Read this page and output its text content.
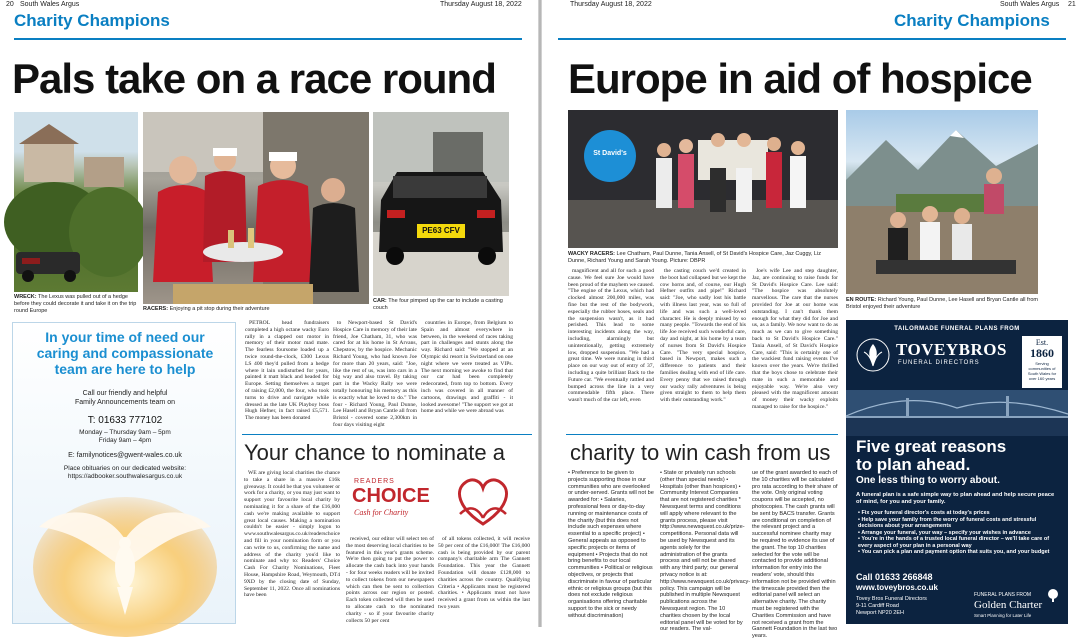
20 South Wales Argus	Thursday August 18, 2022
Charity Champions
Pals take on a race round
WRECK: The Lexus was pulled out of a hedge before they could decorate it and take it on the trip round Europe	RACERS: Enjoying a pit stop during their adventure
PE63 CFV
CAR: The four pimped up the car to include a casting couch

PETROL head fundraisers completed a high octane wacky Euro rally in a clapped out motor in memory of their motor mad mate. The fearless foursome loaded up a twice round-the-clock, £300 Lexus LS 400 they'd pulled from a hedge where it lain undisturbed for years, painted it matt black and headed for Europe. Setting themselves a target of raising £2,000, the four, who took turns to drive and navigate while dressed as the late UK Playboy boss Hugh Hefner, in fact raised £5,571. The money has been donated

to Newport-based St David's Hospice Care in memory of their late friend, Joe Chatham, 31, who was cared for at his home in St Arvans, Chepstow, by the hospice. Mechanic Richard Young, who had known Joe for more than 20 years, said: "Joe, like the rest of us, was into cars in a big way and also travel. By taking part in the Wacky Rally we were totally honouring his memory as this is exactly what he loved to do." The four - Richard Young, Paul Dunne, Lee Hasell and Bryan Cantle all from Bristol - covered some 2,300km in four days visiting eight

countries in Europe, from Belgium to Spain and almost everywhere in between, in the weekend of races taking part in challenges and stunts along the way. Richard said: "We stopped at an Olympic ski resort in Switzerland on one night where we were treated as VIPs. The next morning we awoke to find that our car had been completely redecorated, from top to bottom. Every inch was covered in all manner of cartoons, drawings and graffiti - it looked awesome! "The support we got at home and while we were abroad was

In your time of need our caring and compassionate team are here to help
Call our friendly and helpful
Family Announcements team on
T: 01633 777102
Monday – Thursday 9am – 5pm
Friday 9am – 4pm
E: familynotices@gwent-wales.co.uk
Place obituaries on our dedicated website:
https://adbooker.southwalesargus.co.uk
Your chance to nominate a

WE are giving local charities the chance to take a share in a massive £16k giveaway. It could be that you volunteer or work for a charity, or you may just want to support your favourite local charity by nominating it for a share of the £16,000 cash we're making available to support great local causes. Making a nomination couldn't be easier - simply logon to www.southwalesargus.co.uk/readerschoice and fill in your nomination form or you can write to us, confirming the name and address of the charity you'd like to nominate and why to: Readers' Choice Cash For Charity Nominations, Fleet House, Hampshire Road, Weymouth, DT4 9XD by the closing date of Sunday, September 11, 2022. Once all nominations have been

READERS
CHOICE
Cash for Charity

received, our editor will select ten of the most deserving local charities to be featured in this year's grants scheme. We're then going to put the power to allocate the cash back into your hands - for four weeks readers will be invited to collect tokens from our newspapers which can then be sent to collection points across our region or posted. Each token collected will then be used to allocate cash to the nominated charity - so if your favourite charity collects 50 per cent

of all tokens collected, it will receive 50 per cent of the £16,000! The £16,000 cash is being provided by our parent company's charitable arm The Gannett Foundation. This year the Gannett Foundation will donate £128,000 to charities across the country. Qualifying Criteria • Applicants must be registered charities. • Applicants must not have received a grant from us within the last two years

Thursday August 18, 2022	South Wales Argus 21
Charity Champions
Europe in aid of hospice
St David's
WACKY RACERS: Lee Chatham, Paul Dunne, Tania Ansell, of St David's Hospice Care, Jaz Cuggy, Liz Dunne, Richard Young and Sarah Young. Picture: DBPR
EN ROUTE: Richard Young, Paul Dunne, Lee Hasell and Bryan Cantle all from Bristol enjoyed their adventure

magnificent and all for such a good cause. We feel sure Joe would have been proud of the mayhem we caused. "The engine of the Lexus, which had clocked almost 200,000 miles, was fine but the rest of the bodywork, especially the rubber hoses, seals and the suspension wasn't, as it had perished. This lead to some interesting incidents along the way, including, alarmingly but unintentionally, getting extremely low, dropped suspension. "We had a great time. We were running in third place on our way out of entry of 37, including a quite brilliant Back to the Future car. "We eventually rattled and bumped across the line in a very commendable fifth place. There wasn't much of the car left, even

the casting couch we'd created in the boot had collapsed but we kept the cow horns and, of course, our Hugh Hefner outfits and pipe!" Richard said: "Joe, who sadly lost his battle with illness last year, was so full of life and was such a well-loved character. He is deeply missed by so many people. "Towards the end of his life Joe received such wonderful care, day and night, at his home by a team of nurses from St David's Hospice Care. "The very special hospice, based in Newport, makes such a difference to patients and their families dealing with end of life care. Every penny that we raised through our wacky rally adventures is being given straight to them to help them with their outstanding work."

Joe's wife Lee and step daughter, Jaz, are continuing to raise funds for St David's Hospice Care. Lee said: "The hospice was absolutely marvellous. The care that the nurses provided for Joe at our home was outstanding. I can't thank them enough for what they did for Joe and us, as a family. We now want to do as much as we can to give something back to St David's Hospice Care." Tania Ansell, of St David's Hospice Care, said: "This is certainly one of the wackiest fund raising events I've known over the years. We're thrilled that the boys chose to celebrate their mate in such a memorable and enjoyable way. We're also very pleased with the magnificent amount of money their wacky exploits managed to raise for the hospice."

charity to win cash from us
• Preference to be given to projects supporting those in our communities who are overlooked or under-served. Grants will not be awarded for: • Salaries, professional fees or day-to-day running or maintenance costs of the charity (but this does not include such expenses where essential to a specific project) • General appeals as opposed to specific projects or items of equipment • Projects that do not bring benefits to our local communities • Political or religious objectives, or projects that discriminate in favour of particular ethnic or religious groups (but this does not exclude religious organisations offering charitable support to the sick or needy without discrimination)
• State or privately run schools (other than special needs) • Hospitals (other than hospices) • Community Interest Companies that are not registered charities * Newsquest terms and conditions will apply where relevant to the grants process, please visit http://www.newsquest.co.uk/prize-competitions. Personal data will be used by Newsquest and its agents solely for the administration of the grants process and will not be shared with any third party; our general privacy notice is at: http://www.newsquest.co.uk/privacy-policy. This campaign will be published in multiple Newsquest publications across the Newsquest region. The 10 charities chosen by the local editorial panel will be voted for by our readers. The val-
ue of the grant awarded to each of the 10 charities will be calculated pro rata according to their share of the vote. Only original voting coupons will be accepted, no photocopies. The cash grants will be sent by BACS transfer. Grants are conditional on completion of the relevant project and a successful nominee charity may be required to evidence its use of the grant. The top 10 charities selected for the vote will be contacted to provide additional information for entry into the readers' vote, should this information not be provided within the timescale provided then the editorial panel will select an alternative charity. The charity must be registered with the Charities Commission and have not received a grant from the Gannett Foundation in the last two years.
TAILORMADE FUNERAL PLANS FROM
TOVEYBROS
FUNERAL DIRECTORS
Est.
1860
Serving communities of South Wales for over 160 years
Five great reasons
to plan ahead.
One less thing to worry about.
A funeral plan is a safe simple way to plan ahead and help secure peace of mind, for you and your family.
• Fix your funeral director's costs at today's prices
• Help save your family from the worry of funeral costs and stressful decisions about your arrangements
• Arrange your funeral, your way – specify your wishes in advance
• You're in the hands of a trusted local funeral director – we'll take care of every aspect of your plan in a personal way
• You can pick a plan and payment option that suits you, and your budget
Call 01633 266848
www.toveybros.co.uk
Tovey Bros Funeral Directors
9-11 Cardiff Road
Newport NP20 2EH
FUNERAL PLANS FROM
Golden Charter
Smart Planning for Later Life
